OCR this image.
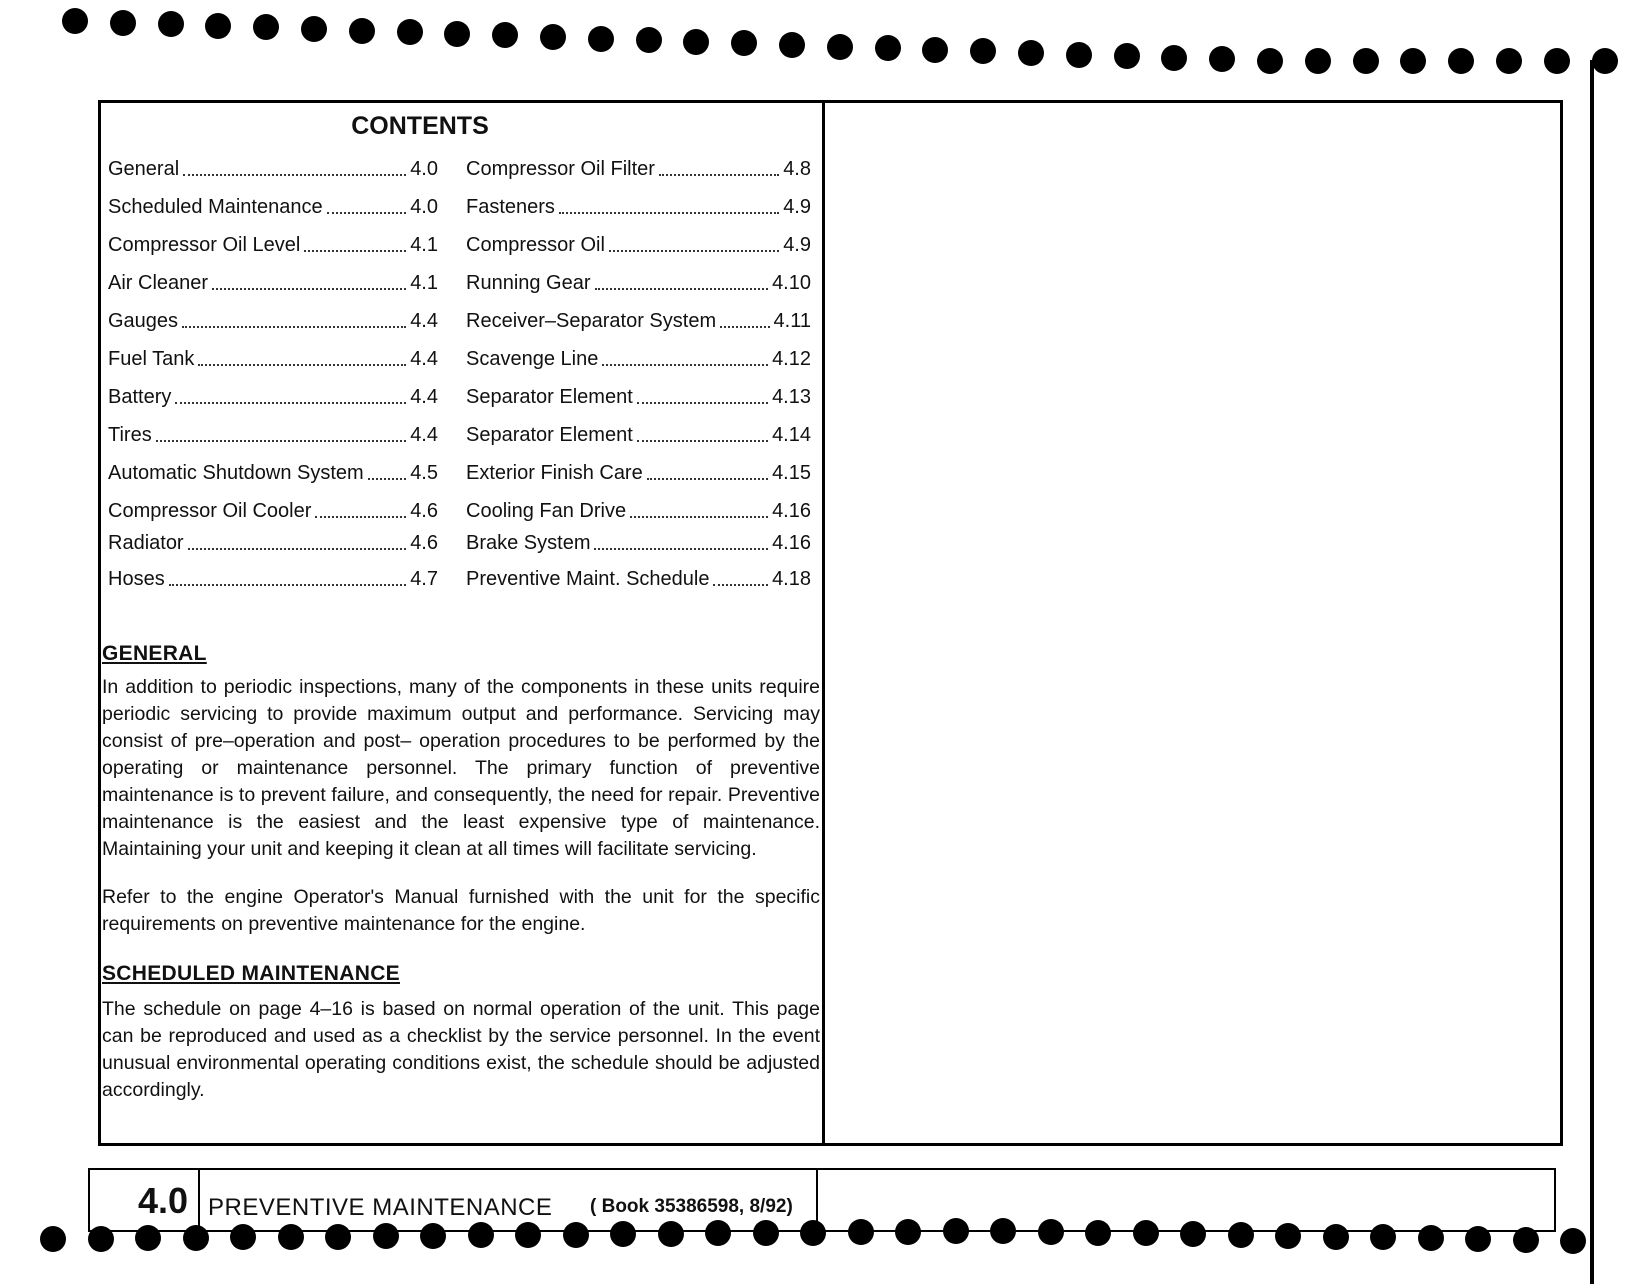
CONTENTS
General	4.0 Compressor Oil Filter	4.8
Scheduled Maintenance	4.0 Fasteners	4.9
Compressor Oil Level	4.1 Compressor Oil	4.9
Air Cleaner	4.1 Running Gear	4.10
Gauges	4.4 Receiver–Separator System	4.11
Fuel Tank	4.4 Scavenge Line	4.12
Battery	4.4 Separator Element	4.13
Tires	4.4 Separator Element	4.14
Automatic Shutdown System 4.5 Exterior Finish Care	4.15
Compressor Oil Cooler	4.6 Cooling Fan Drive	4.16
Radiator	4.6 Brake System	4.16
Hoses	4.7 Preventive Maint. Schedule	4.18
GENERAL
In addition to periodic inspections, many of the components in these units require periodic servicing to provide maximum output and performance. Servicing may consist of pre–operation and post– operation procedures to be performed by the operating or maintenance personnel. The primary function of preventive maintenance is to prevent failure, and consequently, the need for repair. Preventive maintenance is the easiest and the least expensive type of maintenance. Maintaining your unit and keeping it clean at all times will facilitate servicing.
Refer to the engine Operator's Manual furnished with the unit for the specific requirements on preventive maintenance for the engine.
SCHEDULED MAINTENANCE
The schedule on page 4–16 is based on normal operation of the unit. This page can be reproduced and used as a checklist by the service personnel. In the event unusual environmental operating conditions exist, the schedule should be adjusted accordingly.
4.0 PREVENTIVE MAINTENANCE ( Book 35386598, 8/92)
